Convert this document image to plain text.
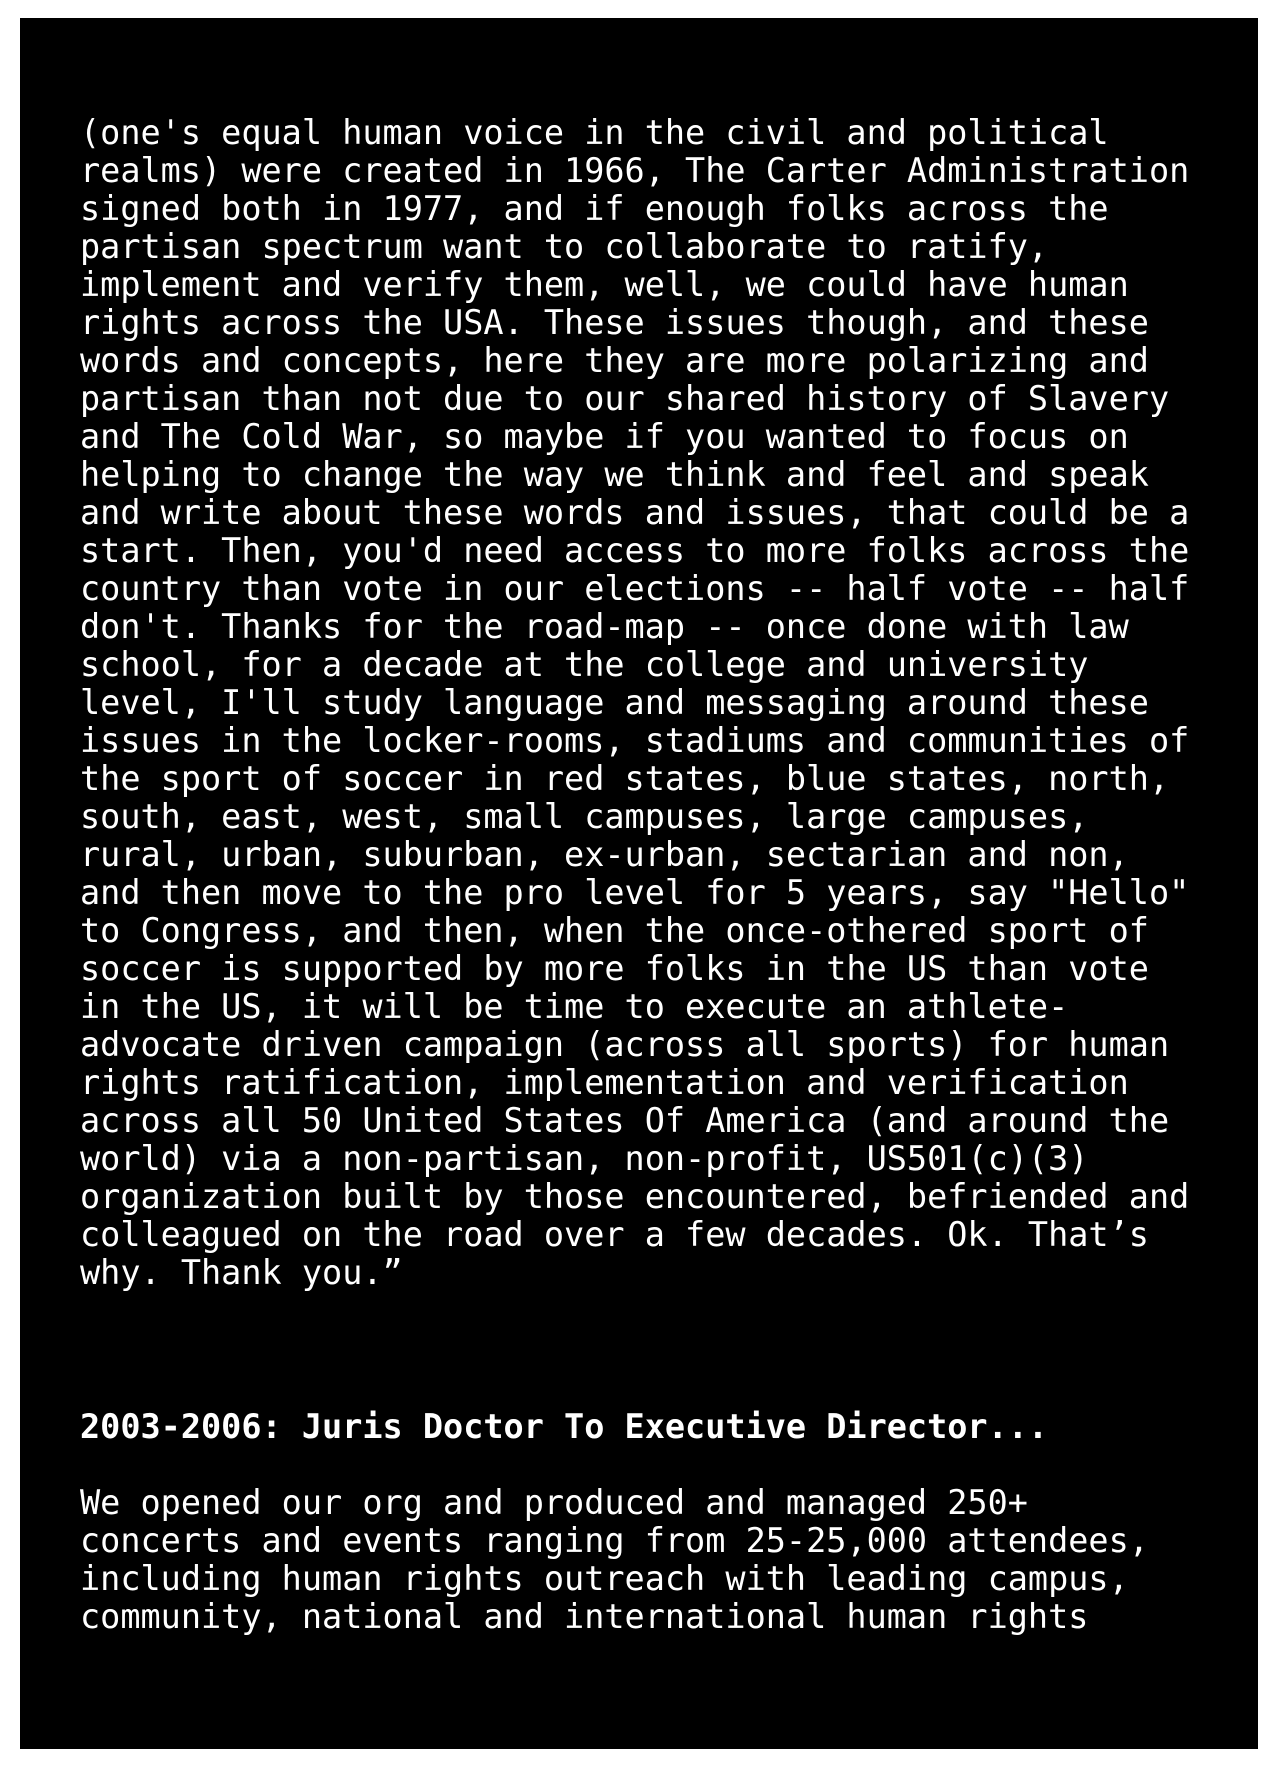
(one's equal human voice in the civil and political
realms) were created in 1966, The Carter Administration
signed both in 1977, and if enough folks across the
partisan spectrum want to collaborate to ratify,
implement and verify them, well, we could have human
rights across the USA. These issues though, and these
words and concepts, here they are more polarizing and
partisan than not due to our shared history of Slavery
and The Cold War, so maybe if you wanted to focus on
helping to change the way we think and feel and speak
and write about these words and issues, that could be a
start. Then, you'd need access to more folks across the
country than vote in our elections -- half vote -- half
don't. Thanks for the road-map -- once done with law
school, for a decade at the college and university
level, I'll study language and messaging around these
issues in the locker-rooms, stadiums and communities of
the sport of soccer in red states, blue states, north,
south, east, west, small campuses, large campuses,
rural, urban, suburban, ex-urban, sectarian and non,
and then move to the pro level for 5 years, say "Hello"
to Congress, and then, when the once-othered sport of
soccer is supported by more folks in the US than vote
in the US, it will be time to execute an athlete-
advocate driven campaign (across all sports) for human
rights ratification, implementation and verification
across all 50 United States Of America (and around the
world) via a non-partisan, non-profit, US501(c)(3)
organization built by those encountered, befriended and
colleagued on the road over a few decades. Ok. That’s
why. Thank you.”
2003-2006: Juris Doctor To Executive Director...
We opened our org and produced and managed 250+
concerts and events ranging from 25-25,000 attendees,
including human rights outreach with leading campus,
community, national and international human rights
